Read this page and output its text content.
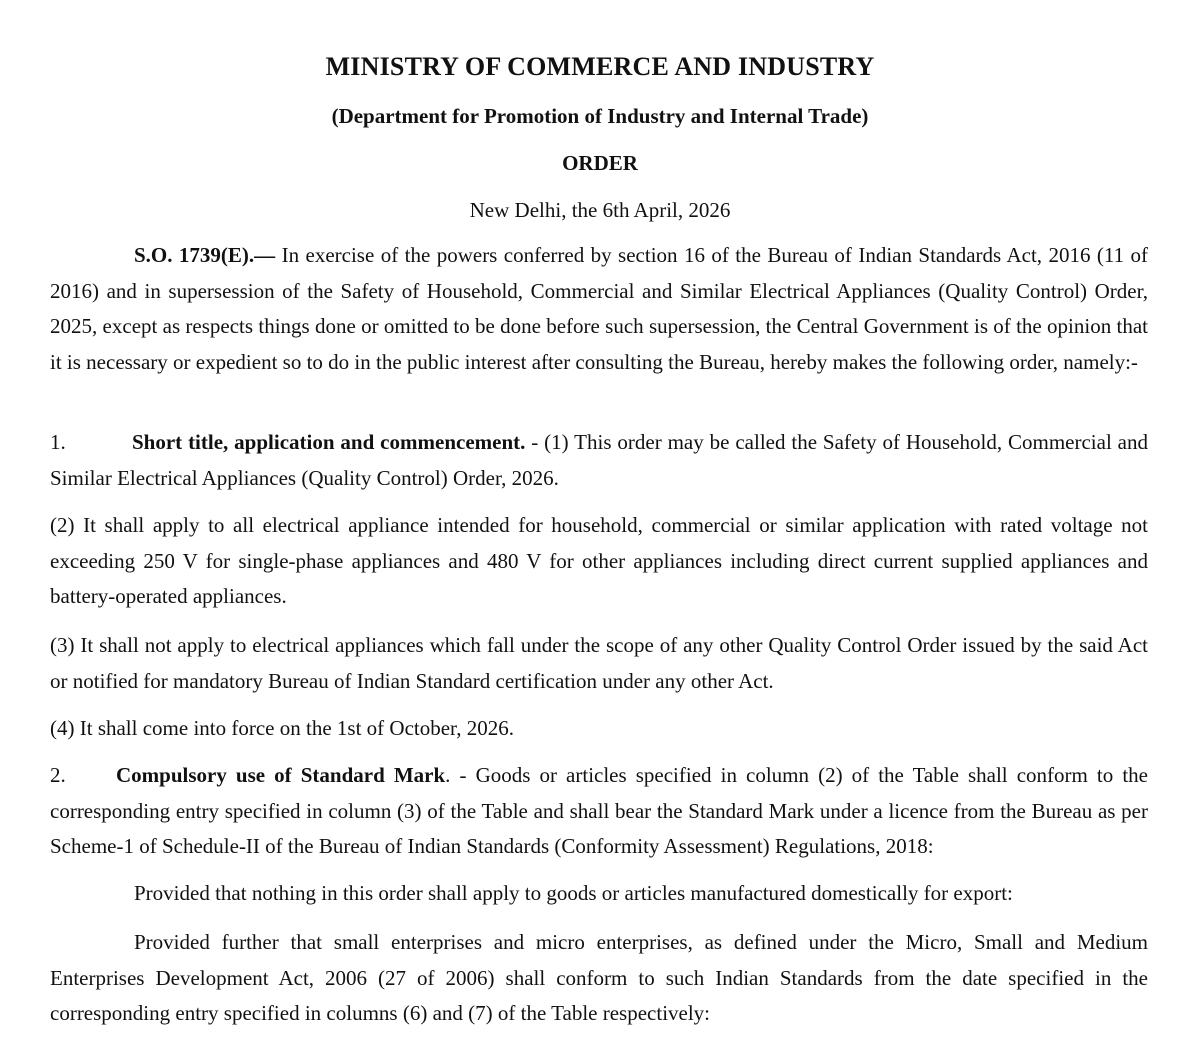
MINISTRY OF COMMERCE AND INDUSTRY
(Department for Promotion of Industry and Internal Trade)
ORDER
New Delhi, the 6th April, 2026
S.O. 1739(E).— In exercise of the powers conferred by section 16 of the Bureau of Indian Standards Act, 2016 (11 of 2016) and in supersession of the Safety of Household, Commercial and Similar Electrical Appliances (Quality Control) Order, 2025, except as respects things done or omitted to be done before such supersession, the Central Government is of the opinion that it is necessary or expedient so to do in the public interest after consulting the Bureau, hereby makes the following order, namely:-
1.	Short title, application and commencement. - (1) This order may be called the Safety of Household, Commercial and Similar Electrical Appliances (Quality Control) Order, 2026.
(2) It shall apply to all electrical appliance intended for household, commercial or similar application with rated voltage not exceeding 250 V for single-phase appliances and 480 V for other appliances including direct current supplied appliances and battery-operated appliances.
(3) It shall not apply to electrical appliances which fall under the scope of any other Quality Control Order issued by the said Act or notified for mandatory Bureau of Indian Standard certification under any other Act.
(4) It shall come into force on the 1st of October, 2026.
2. Compulsory use of Standard Mark. - Goods or articles specified in column (2) of the Table shall conform to the corresponding entry specified in column (3) of the Table and shall bear the Standard Mark under a licence from the Bureau as per Scheme-1 of Schedule-II of the Bureau of Indian Standards (Conformity Assessment) Regulations, 2018:
Provided that nothing in this order shall apply to goods or articles manufactured domestically for export:
Provided further that small enterprises and micro enterprises, as defined under the Micro, Small and Medium Enterprises Development Act, 2006 (27 of 2006) shall conform to such Indian Standards from the date specified in the corresponding entry specified in columns (6) and (7) of the Table respectively:
